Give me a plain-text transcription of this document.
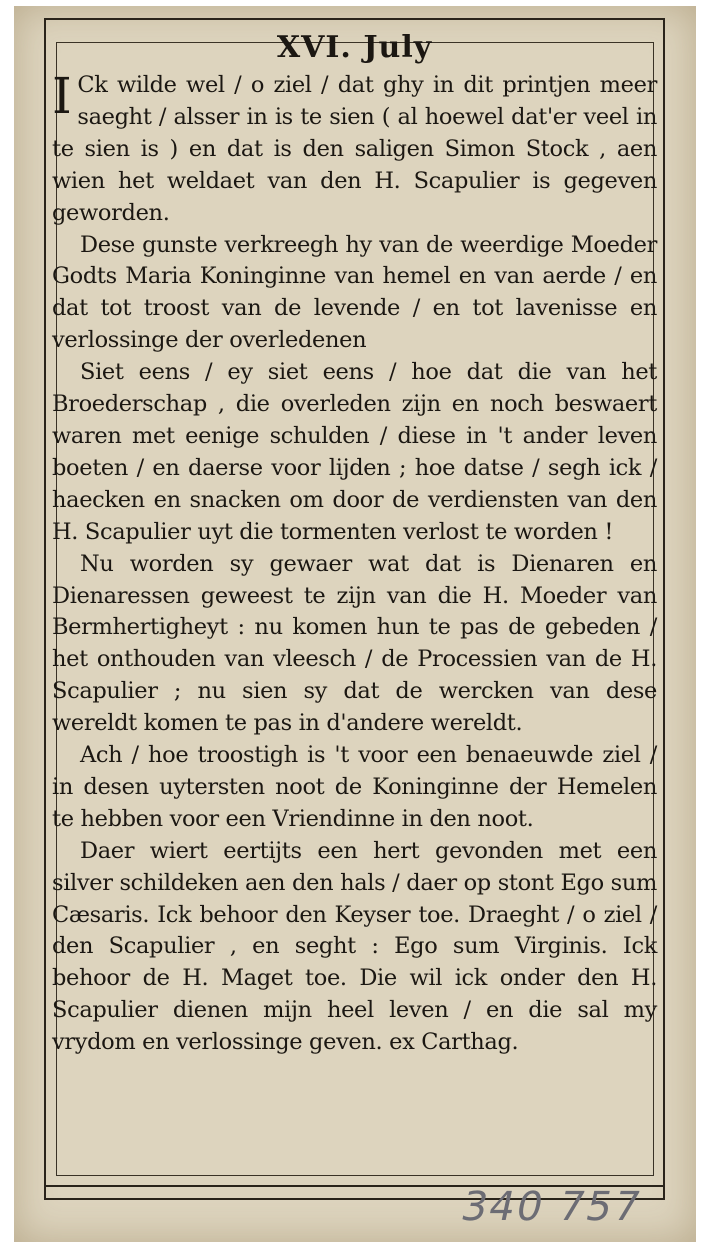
XVI. July

ICk wilde wel / o ziel / dat ghy in dit printjen meer saeght / alsser in is te sien ( al hoewel dat'er veel in te sien is ) en dat is den saligen Simon Stock , aen wien het weldaet van den H. Scapulier is gegeven geworden.

Dese gunste verkreegh hy van de weerdige Moeder Godts Maria Koninginne van hemel en van aerde / en dat tot troost van de levende / en tot lavenisse en verlossinge der overledenen

Siet eens / ey siet eens / hoe dat die van het Broederschap , die overleden zijn en noch beswaert waren met eenige schulden / diese in 't ander leven boeten / en daerse voor lijden ; hoe datse / segh ick / haecken en snacken om door de verdiensten van den H. Scapulier uyt die tormenten verlost te worden !

Nu worden sy gewaer wat dat is Dienaren en Dienaressen geweest te zijn van die H. Moeder van Bermhertigheyt : nu komen hun te pas de gebeden / het onthouden van vleesch / de Processien van de H. Scapulier ; nu sien sy dat de wercken van dese wereldt komen te pas in d'andere wereldt.

Ach / hoe troostigh is 't voor een benaeuwde ziel / in desen uytersten noot de Koninginne der Hemelen te hebben voor een Vriendinne in den noot.

Daer wiert eertijts een hert gevonden met een silver schildeken aen den hals / daer op stont Ego sum Cæsaris. Ick behoor den Keyser toe. Draeght / o ziel / den Scapulier , en seght : Ego sum Virginis. Ick behoor de H. Maget toe. Die wil ick onder den H. Scapulier dienen mijn heel leven / en die sal my vrydom en verlossinge geven. ex Carthag.

340 757
